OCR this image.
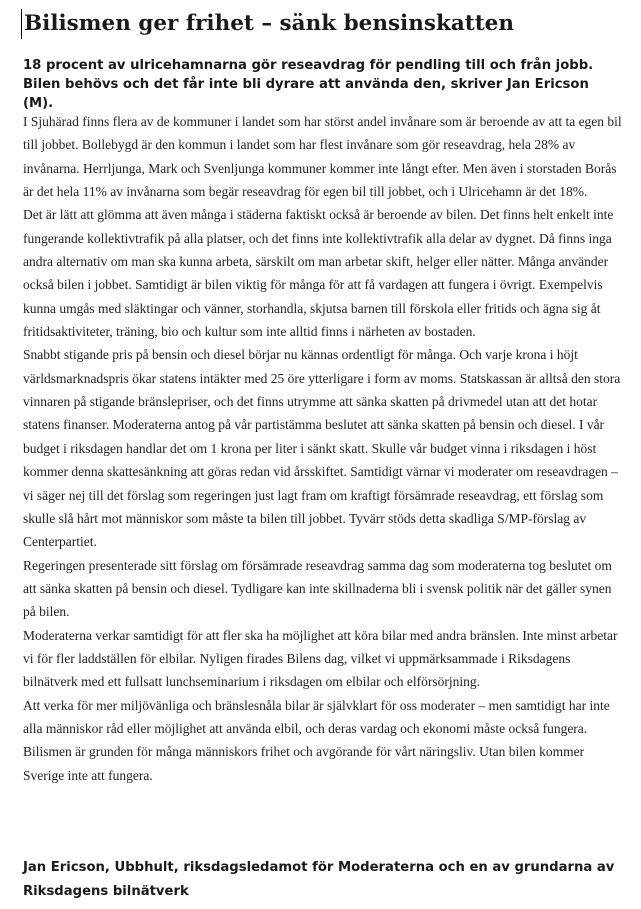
Bilismen ger frihet – sänk bensinskatten

18 procent av ulricehamnarna gör reseavdrag för pendling till och från jobb. Bilen behövs och det får inte bli dyrare att använda den, skriver Jan Ericson (M).

I Sjuhärad finns flera av de kommuner i landet som har störst andel invånare som är beroende av att ta egen bil till jobbet. Bollebygd är den kommun i landet som har flest invånare som gör reseavdrag, hela 28% av invånarna. Herrljunga, Mark och Svenljunga kommuner kommer inte långt efter. Men även i storstaden Borås är det hela 11% av invånarna som begär reseavdrag för egen bil till jobbet, och i Ulricehamn är det 18%.

Det är lätt att glömma att även många i städerna faktiskt också är beroende av bilen. Det finns helt enkelt inte fungerande kollektivtrafik på alla platser, och det finns inte kollektivtrafik alla delar av dygnet. Då finns inga andra alternativ om man ska kunna arbeta, särskilt om man arbetar skift, helger eller nätter. Många använder också bilen i jobbet. Samtidigt är bilen viktig för många för att få vardagen att fungera i övrigt. Exempelvis kunna umgås med släktingar och vänner, storhandla, skjutsa barnen till förskola eller fritids och ägna sig åt fritidsaktiviteter, träning, bio och kultur som inte alltid finns i närheten av bostaden.

Snabbt stigande pris på bensin och diesel börjar nu kännas ordentligt för många. Och varje krona i höjt världsmarknadspris ökar statens intäkter med 25 öre ytterligare i form av moms. Statskassan är alltså den stora vinnaren på stigande bränslepriser, och det finns utrymme att sänka skatten på drivmedel utan att det hotar statens finanser. Moderaterna antog på vår partistämma beslutet att sänka skatten på bensin och diesel. I vår budget i riksdagen handlar det om 1 krona per liter i sänkt skatt. Skulle vår budget vinna i riksdagen i höst kommer denna skattesänkning att göras redan vid årsskiftet. Samtidigt värnar vi moderater om reseavdragen – vi säger nej till det förslag som regeringen just lagt fram om kraftigt försämrade reseavdrag, ett förslag som skulle slå hårt mot människor som måste ta bilen till jobbet. Tyvärr stöds detta skadliga S/MP-förslag av Centerpartiet.

Regeringen presenterade sitt förslag om försämrade reseavdrag samma dag som moderaterna tog beslutet om att sänka skatten på bensin och diesel. Tydligare kan inte skillnaderna bli i svensk politik när det gäller synen på bilen.

Moderaterna verkar samtidigt för att fler ska ha möjlighet att köra bilar med andra bränslen. Inte minst arbetar vi för fler laddställen för elbilar. Nyligen firades Bilens dag, vilket vi uppmärksammade i Riksdagens bilnätverk med ett fullsatt lunchseminarium i riksdagen om elbilar och elförsörjning.

Att verka för mer miljövänliga och bränslesnåla bilar är självklart för oss moderater – men samtidigt har inte alla människor råd eller möjlighet att använda elbil, och deras vardag och ekonomi måste också fungera. Bilismen är grunden för många människors frihet och avgörande för vårt näringsliv. Utan bilen kommer Sverige inte att fungera.

Jan Ericson, Ubbhult, riksdagsledamot för Moderaterna och en av grundarna av Riksdagens bilnätverk
